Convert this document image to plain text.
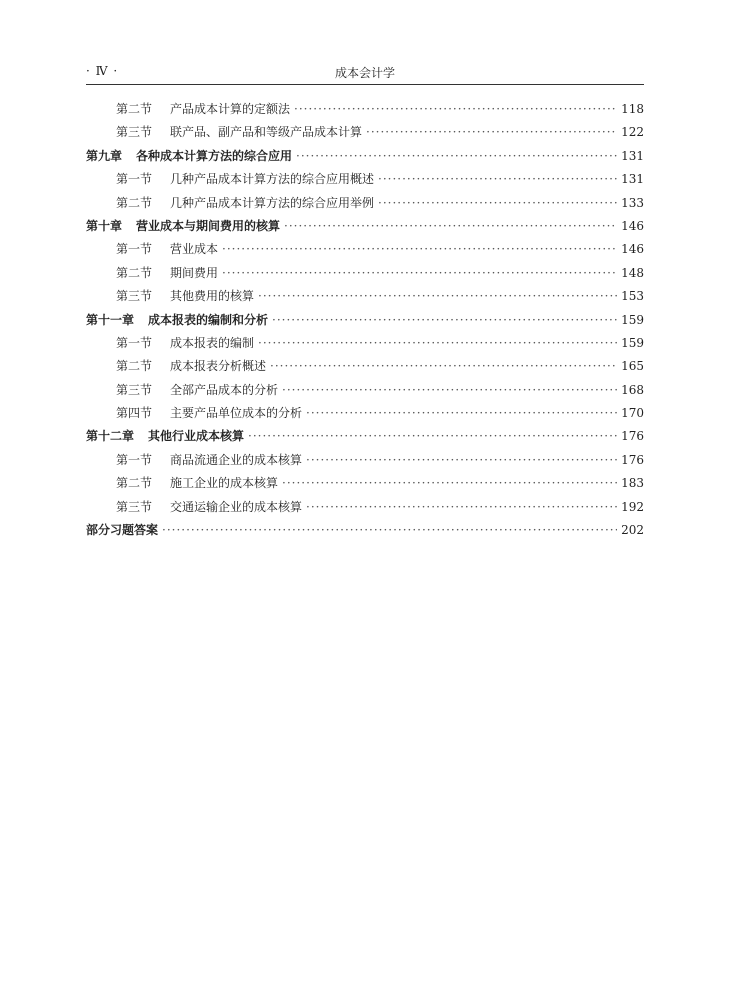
· Ⅳ ·	成本会计学
第二节	产品成本计算的定额法 ·····	118
第三节	联产品、副产品和等级产品成本计算 ·····	122
第九章 各种成本计算方法的综合应用 ·····	131
第一节	几种产品成本计算方法的综合应用概述 ·····	131
第二节	几种产品成本计算方法的综合应用举例 ·····	133
第十章 营业成本与期间费用的核算 ·····	146
第一节	营业成本 ·····	146
第二节	期间费用 ·····	148
第三节	其他费用的核算 ·····	153
第十一章 成本报表的编制和分析 ·····	159
第一节	成本报表的编制 ·····	159
第二节	成本报表分析概述 ·····	165
第三节	全部产品成本的分析 ·····	168
第四节	主要产品单位成本的分析 ·····	170
第十二章 其他行业成本核算 ·····	176
第一节	商品流通企业的成本核算 ·····	176
第二节	施工企业的成本核算 ·····	183
第三节	交通运输企业的成本核算 ·····	192
部分习题答案 ·····	202
